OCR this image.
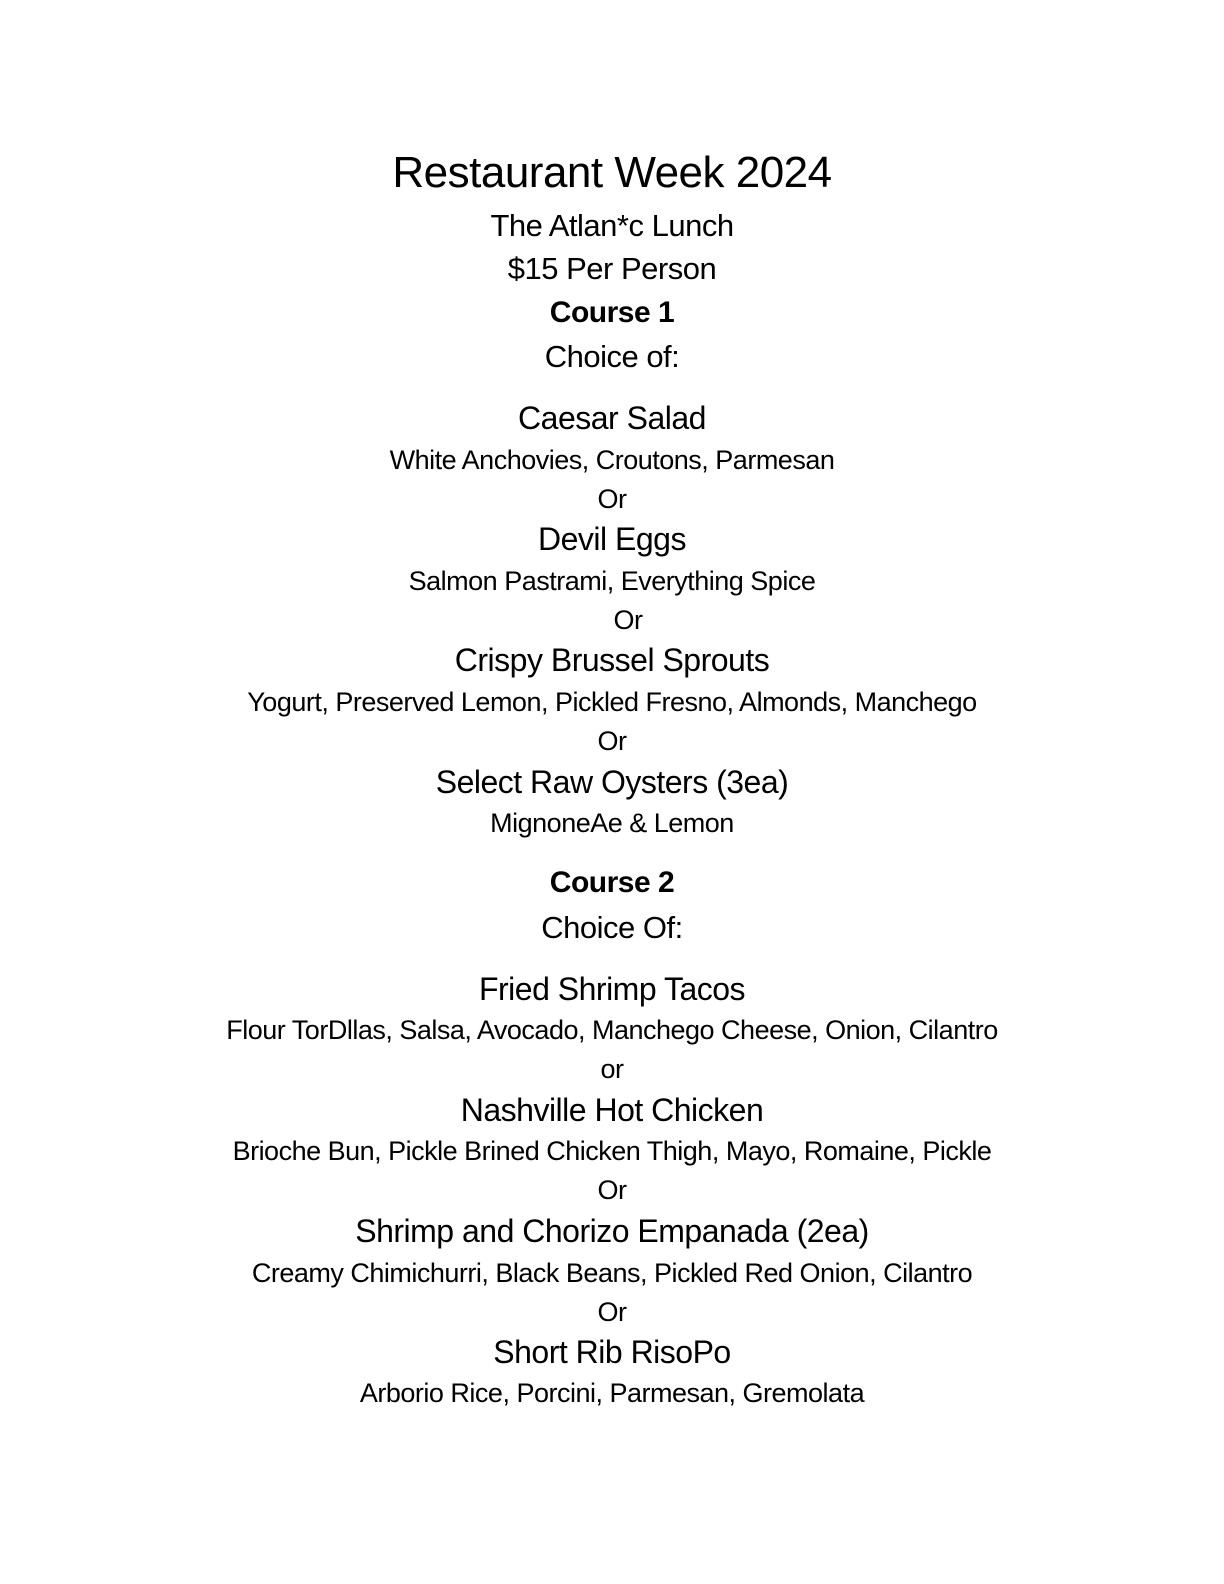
Restaurant Week 2024
The Atlan*c Lunch
$15 Per Person
Course 1
Choice of:
Caesar Salad
White Anchovies, Croutons, Parmesan
Or
Devil Eggs
Salmon Pastrami, Everything Spice
Or
Crispy Brussel Sprouts
Yogurt, Preserved Lemon, Pickled Fresno, Almonds, Manchego
Or
Select Raw Oysters (3ea)
MignoneAe & Lemon
Course 2
Choice Of:
Fried Shrimp Tacos
Flour TorDllas, Salsa, Avocado, Manchego Cheese, Onion, Cilantro
or
Nashville Hot Chicken
Brioche Bun, Pickle Brined Chicken Thigh, Mayo, Romaine, Pickle
Or
Shrimp and Chorizo Empanada (2ea)
Creamy Chimichurri, Black Beans, Pickled Red Onion, Cilantro
Or
Short Rib RisoPo
Arborio Rice, Porcini, Parmesan, Gremolata
